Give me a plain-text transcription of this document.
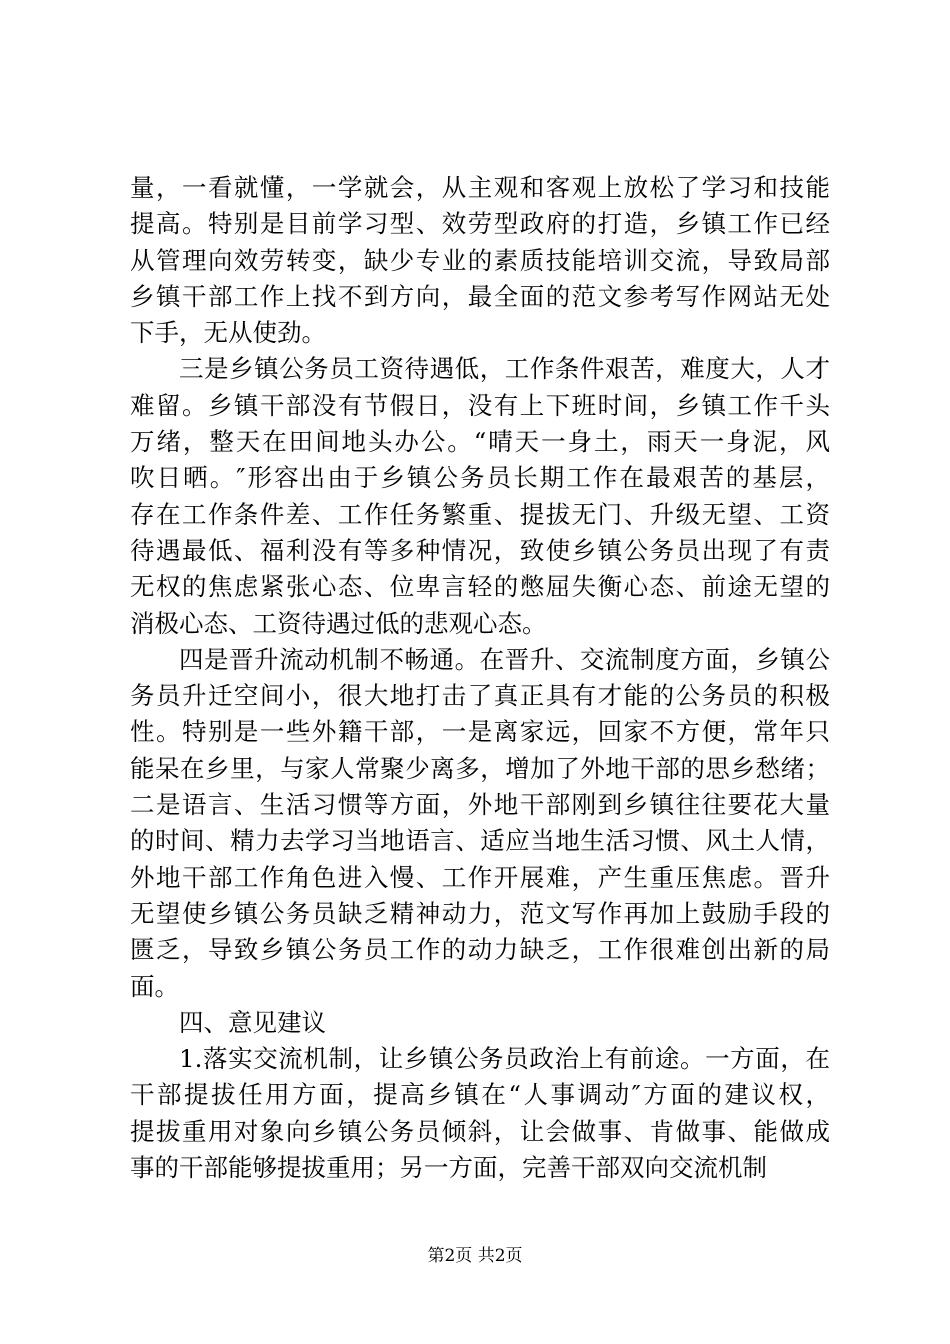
量，一看就懂，一学就会，从主观和客观上放松了学习和技能
提高。特别是目前学习型、效劳型政府的打造，乡镇工作已经
从管理向效劳转变，缺少专业的素质技能培训交流，导致局部
乡镇干部工作上找不到方向，最全面的范文参考写作网站无处
下手，无从使劲。
三是乡镇公务员工资待遇低，工作条件艰苦，难度大，人才
难留。乡镇干部没有节假日，没有上下班时间，乡镇工作千头
万绪，整天在田间地头办公。“晴天一身土，雨天一身泥，风
吹日晒。″形容出由于乡镇公务员长期工作在最艰苦的基层，
存在工作条件差、工作任务繁重、提拔无门、升级无望、工资
待遇最低、福利没有等多种情况，致使乡镇公务员出现了有责
无权的焦虑紧张心态、位卑言轻的憋屈失衡心态、前途无望的
消极心态、工资待遇过低的悲观心态。
四是晋升流动机制不畅通。在晋升、交流制度方面，乡镇公
务员升迁空间小，很大地打击了真正具有才能的公务员的积极
性。特别是一些外籍干部，一是离家远，回家不方便，常年只
能呆在乡里，与家人常聚少离多，增加了外地干部的思乡愁绪；
二是语言、生活习惯等方面，外地干部刚到乡镇往往要花大量
的时间、精力去学习当地语言、适应当地生活习惯、风土人情，
外地干部工作角色进入慢、工作开展难，产生重压焦虑。晋升
无望使乡镇公务员缺乏精神动力，范文写作再加上鼓励手段的
匮乏，导致乡镇公务员工作的动力缺乏，工作很难创出新的局
面。
四、意见建议
1.落实交流机制，让乡镇公务员政治上有前途。一方面，在
干部提拔任用方面，提高乡镇在“人事调动″方面的建议权，
提拔重用对象向乡镇公务员倾斜，让会做事、肯做事、能做成
事的干部能够提拔重用；另一方面，完善干部双向交流机制
第2页 共2页
